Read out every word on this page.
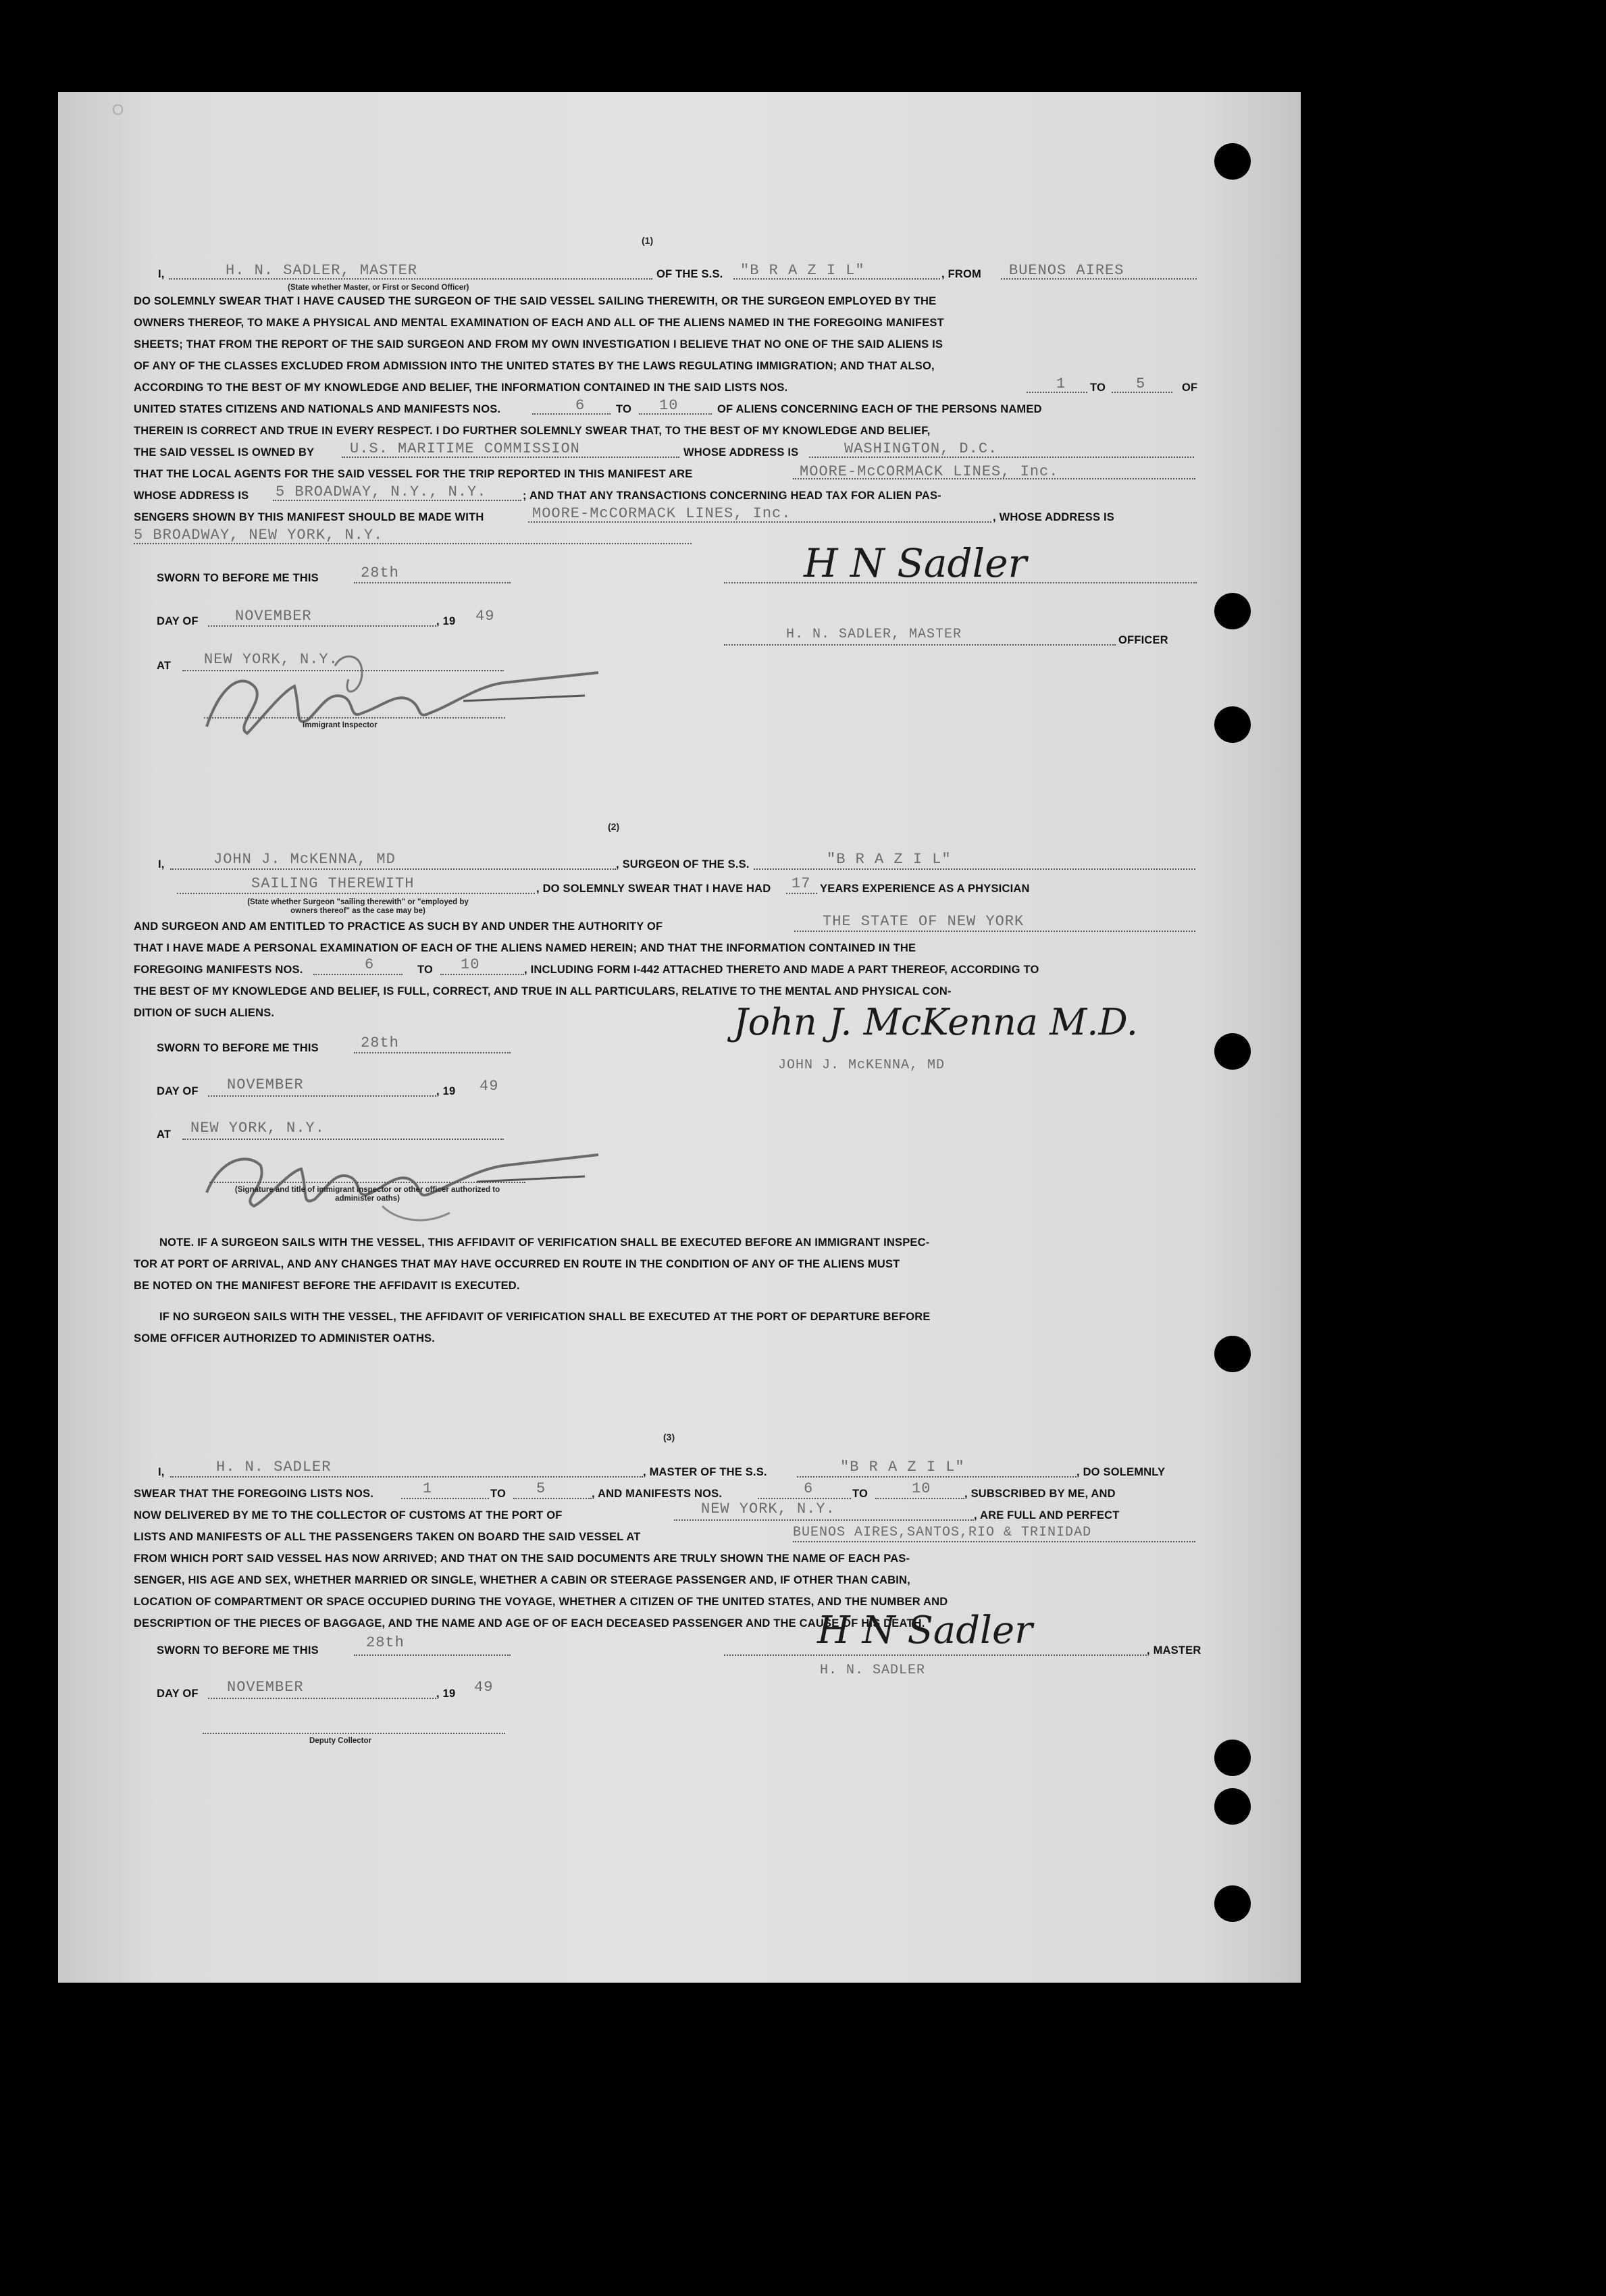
O
(1)
I,	H. N. SADLER, MASTER	OF THE S.S. "B R A Z I L"	, FROM BUENOS AIRES
(State whether Master, or First or Second Officer)
DO SOLEMNLY SWEAR THAT I HAVE CAUSED THE SURGEON OF THE SAID VESSEL SAILING THEREWITH, OR THE SURGEON EMPLOYED BY THE
OWNERS THEREOF, TO MAKE A PHYSICAL AND MENTAL EXAMINATION OF EACH AND ALL OF THE ALIENS NAMED IN THE FOREGOING MANIFEST
SHEETS; THAT FROM THE REPORT OF THE SAID SURGEON AND FROM MY OWN INVESTIGATION I BELIEVE THAT NO ONE OF THE SAID ALIENS IS
OF ANY OF THE CLASSES EXCLUDED FROM ADMISSION INTO THE UNITED STATES BY THE LAWS REGULATING IMMIGRATION; AND THAT ALSO,
ACCORDING TO THE BEST OF MY KNOWLEDGE AND BELIEF, THE INFORMATION CONTAINED IN THE SAID LISTS NOS.	1 TO 5	OF
UNITED STATES CITIZENS AND NATIONALS AND MANIFESTS NOS.	6	TO 10	OF ALIENS CONCERNING EACH OF THE PERSONS NAMED
THEREIN IS CORRECT AND TRUE IN EVERY RESPECT. I DO FURTHER SOLEMNLY SWEAR THAT, TO THE BEST OF MY KNOWLEDGE AND BELIEF,
THE SAID VESSEL IS OWNED BY U.S. MARITIME COMMISSION	WHOSE ADDRESS IS	WASHINGTON, D.C.
THAT THE LOCAL AGENTS FOR THE SAID VESSEL FOR THE TRIP REPORTED IN THIS MANIFEST ARE	MOORE-McCORMACK LINES, Inc.
WHOSE ADDRESS IS 5 BROADWAY, N.Y., N.Y.	; AND THAT ANY TRANSACTIONS CONCERNING HEAD TAX FOR ALIEN PAS-
SENGERS SHOWN BY THIS MANIFEST SHOULD BE MADE WITH	MOORE-McCORMACK LINES, Inc.	, WHOSE ADDRESS IS
5 BROADWAY, NEW YORK, N.Y.
SWORN TO BEFORE ME THIS	28th	H N Sadler
DAY OF NOVEMBER	, 19 49
H. N. SADLER, MASTER	OFFICER
AT NEW YORK, N.Y.
Immigrant Inspector
(2)
I,	JOHN J. McKENNA, MD	, SURGEON OF THE S.S.	"B R A Z I L"
SAILING THEREWITH	, DO SOLEMNLY SWEAR THAT I HAVE HAD 17 YEARS EXPERIENCE AS A PHYSICIAN
(State whether Surgeon "sailing therewith" or "employed by owners thereof" as the case may be)
AND SURGEON AND AM ENTITLED TO PRACTICE AS SUCH BY AND UNDER THE AUTHORITY OF	THE STATE OF NEW YORK
THAT I HAVE MADE A PERSONAL EXAMINATION OF EACH OF THE ALIENS NAMED HEREIN; AND THAT THE INFORMATION CONTAINED IN THE
FOREGOING MANIFESTS NOS.	6	TO 10	, INCLUDING FORM I-442 ATTACHED THERETO AND MADE A PART THEREOF, ACCORDING TO
THE BEST OF MY KNOWLEDGE AND BELIEF, IS FULL, CORRECT, AND TRUE IN ALL PARTICULARS, RELATIVE TO THE MENTAL AND PHYSICAL CON-
DITION OF SUCH ALIENS.
SWORN TO BEFORE ME THIS	28th	John J. McKenna M.D.
JOHN J. McKENNA, MD
DAY OF NOVEMBER	, 19 49
AT NEW YORK, N.Y.
(Signature and title of immigrant inspector or other officer authorized to administer oaths)
NOTE. IF A SURGEON SAILS WITH THE VESSEL, THIS AFFIDAVIT OF VERIFICATION SHALL BE EXECUTED BEFORE AN IMMIGRANT INSPEC-
TOR AT PORT OF ARRIVAL, AND ANY CHANGES THAT MAY HAVE OCCURRED EN ROUTE IN THE CONDITION OF ANY OF THE ALIENS MUST
BE NOTED ON THE MANIFEST BEFORE THE AFFIDAVIT IS EXECUTED.
IF NO SURGEON SAILS WITH THE VESSEL, THE AFFIDAVIT OF VERIFICATION SHALL BE EXECUTED AT THE PORT OF DEPARTURE BEFORE
SOME OFFICER AUTHORIZED TO ADMINISTER OATHS.
(3)
I,	H. N. SADLER	, MASTER OF THE S.S.	"B R A Z I L"	, DO SOLEMNLY
SWEAR THAT THE FOREGOING LISTS NOS.	1	TO 5	, AND MANIFESTS NOS.	6	TO	10	, SUBSCRIBED BY ME, AND
NOW DELIVERED BY ME TO THE COLLECTOR OF CUSTOMS AT THE PORT OF	NEW YORK, N.Y.	, ARE FULL AND PERFECT
LISTS AND MANIFESTS OF ALL THE PASSENGERS TAKEN ON BOARD THE SAID VESSEL AT	BUENOS AIRES,SANTOS,RIO & TRINIDAD
FROM WHICH PORT SAID VESSEL HAS NOW ARRIVED; AND THAT ON THE SAID DOCUMENTS ARE TRULY SHOWN THE NAME OF EACH PAS-
SENGER, HIS AGE AND SEX, WHETHER MARRIED OR SINGLE, WHETHER A CABIN OR STEERAGE PASSENGER AND, IF OTHER THAN CABIN,
LOCATION OF COMPARTMENT OR SPACE OCCUPIED DURING THE VOYAGE, WHETHER A CITIZEN OF THE UNITED STATES, AND THE NUMBER AND
DESCRIPTION OF THE PIECES OF BAGGAGE, AND THE NAME AND AGE OF OF EACH DECEASED PASSENGER AND THE CAUSE OF HIS DEATH.
SWORN TO BEFORE ME THIS	28th	, MASTER
H N Sadler
H. N. SADLER
DAY OF NOVEMBER	, 19 49
Deputy Collector
